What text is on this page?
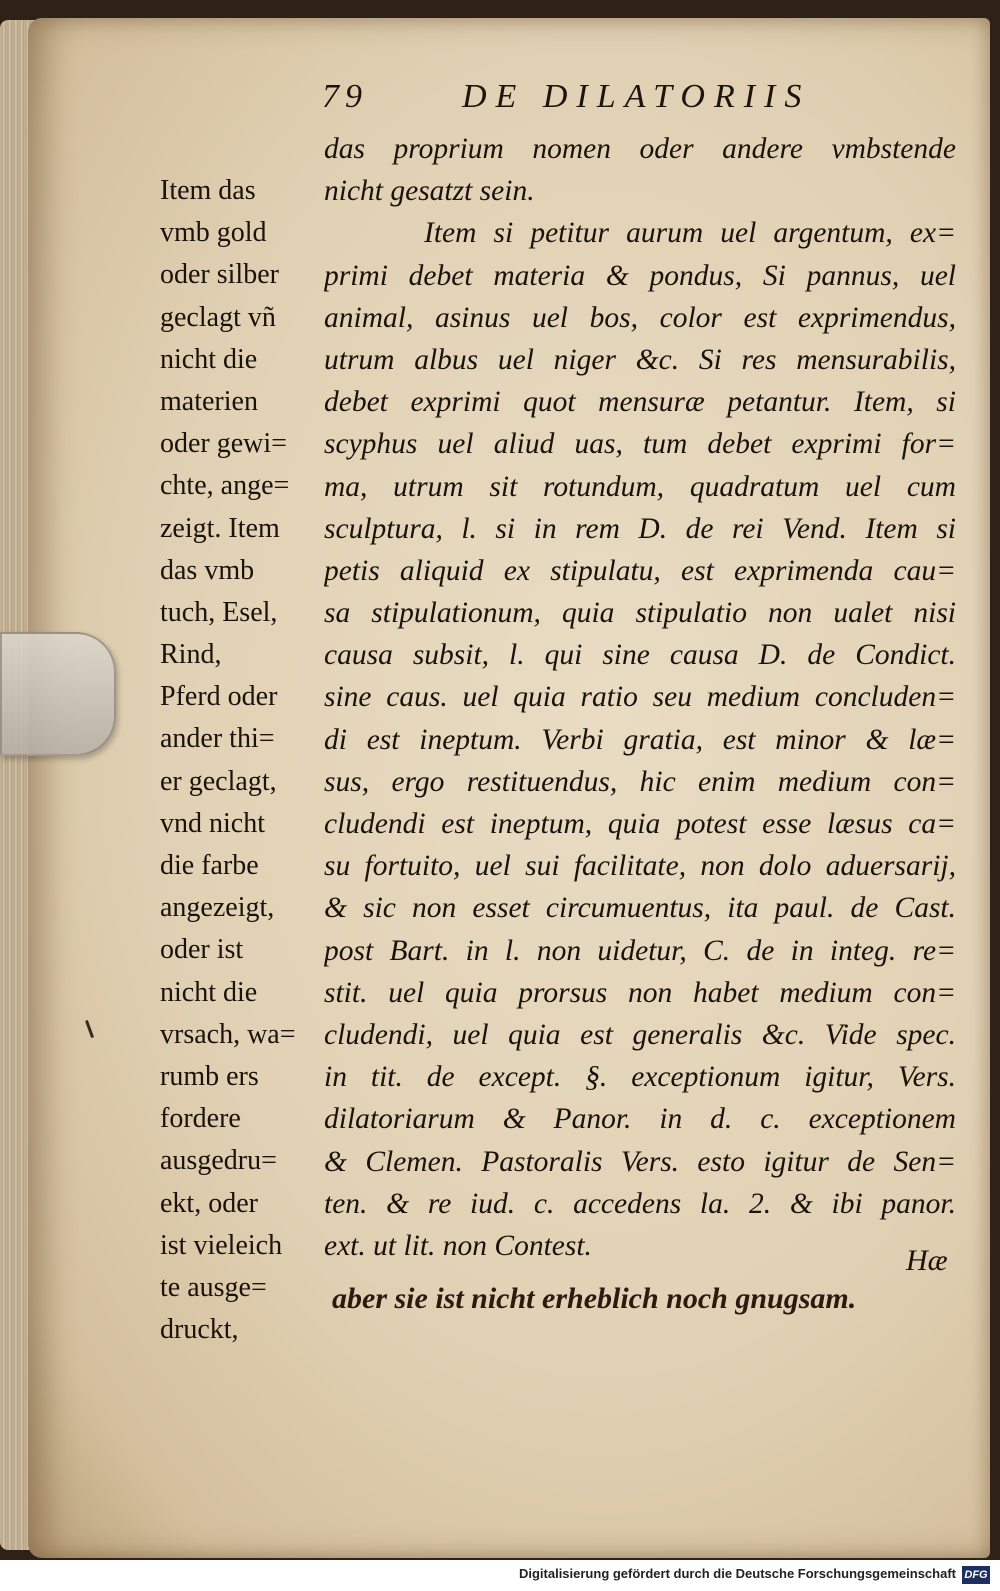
79	DE DILATORIIS
das proprium nomen oder andere vmbstende
nicht gesatzt sein.
Item si petitur aurum uel argentum, ex=
primi debet materia & pondus, Si pannus, uel
animal, asinus uel bos, color est exprimendus,
utrum albus uel niger &c. Si res mensurabilis,
debet exprimi quot mensuræ petantur. Item, si
scyphus uel aliud uas, tum debet exprimi for=
ma, utrum sit rotundum, quadratum uel cum
sculptura, l. si in rem D. de rei Vend. Item si
petis aliquid ex stipulatu, est exprimenda cau=
sa stipulationum, quia stipulatio non ualet nisi
causa subsit, l. qui sine causa D. de Condict.
sine caus. uel quia ratio seu medium concluden=
di est ineptum. Verbi gratia, est minor & læ=
sus, ergo restituendus, hic enim medium con=
cludendi est ineptum, quia potest esse læsus ca=
su fortuito, uel sui facilitate, non dolo aduersarij,
& sic non esset circumuentus, ita paul. de Cast.
post Bart. in l. non uidetur, C. de in integ. re=
stit. uel quia prorsus non habet medium con=
cludendi, uel quia est generalis &c. Vide spec.
in tit. de except. §. exceptionum igitur, Vers.
dilatoriarum & Panor. in d. c. exceptionem
& Clemen. Pastoralis Vers. esto igitur de Sen=
ten. & re iud. c. accedens la. 2. & ibi panor.
ext. ut lit. non Contest.
Item das
vmb gold
oder silber
geclagt vñ
nicht die
materien
oder gewi=
chte, ange=
zeigt. Item
das vmb
tuch, Esel,
Rind,
Pferd oder
ander thi=
er geclagt,
vnd nicht
die farbe
angezeigt,
oder ist
nicht die
vrsach, wa=
rumb ers
fordere
ausgedru=
ekt, oder
ist vieleich
te ausge=
druckt,
Hæ
aber sie ist nicht erheblich noch gnugsam.
Digitalisierung gefördert durch die Deutsche Forschungsgemeinschaft DFG
